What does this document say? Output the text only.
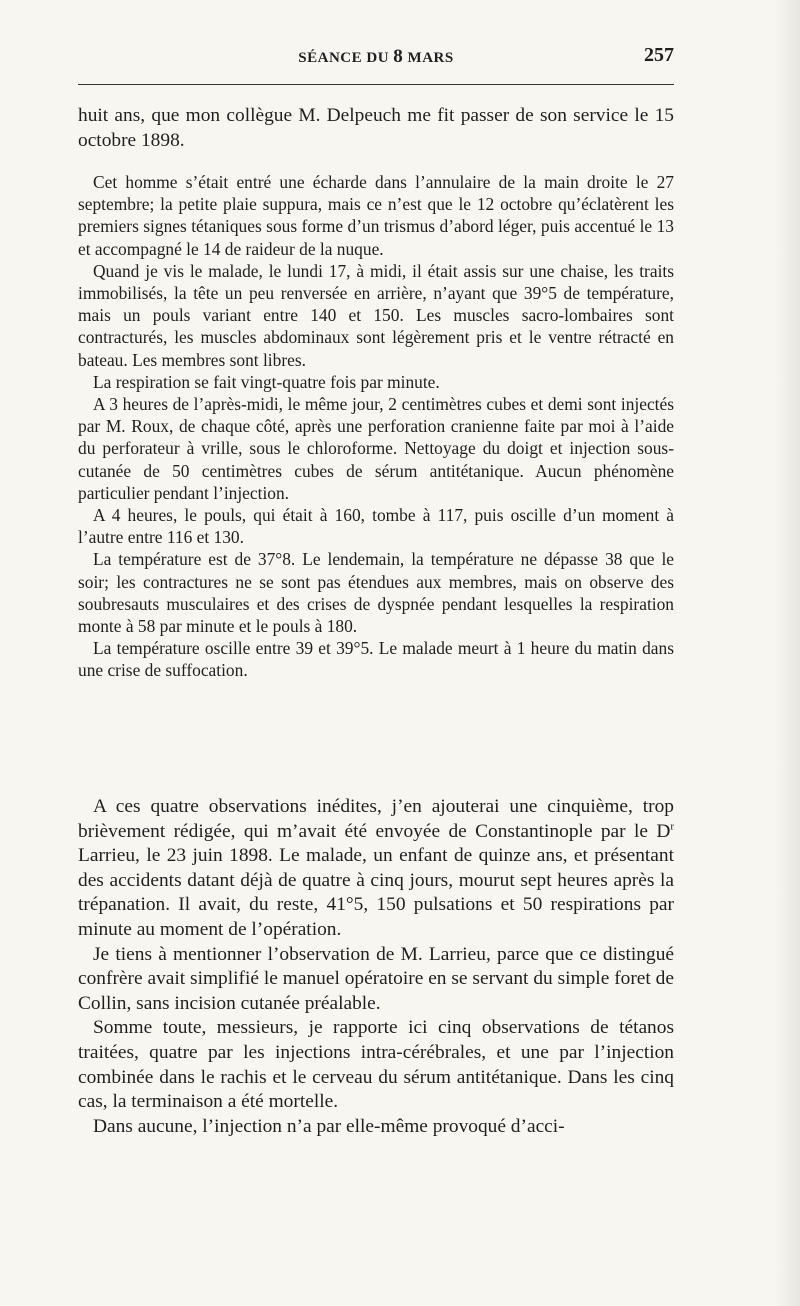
SÉANCE DU 8 MARS	257

huit ans, que mon collègue M. Delpeuch me fit passer de son service le 15 octobre 1898.

Cet homme s’était entré une écharde dans l’annulaire de la main droite le 27 septembre; la petite plaie suppura, mais ce n’est que le 12 octobre qu’éclatèrent les premiers signes tétaniques sous forme d’un trismus d’abord léger, puis accentué le 13 et accompagné le 14 de raideur de la nuque.

Quand je vis le malade, le lundi 17, à midi, il était assis sur une chaise, les traits immobilisés, la tête un peu renversée en arrière, n’ayant que 39°5 de température, mais un pouls variant entre 140 et 150. Les muscles sacro-lombaires sont contracturés, les muscles abdominaux sont légèrement pris et le ventre rétracté en bateau. Les membres sont libres.

La respiration se fait vingt-quatre fois par minute.

A 3 heures de l’après-midi, le même jour, 2 centimètres cubes et demi sont injectés par M. Roux, de chaque côté, après une perforation cranienne faite par moi à l’aide du perforateur à vrille, sous le chloroforme. Nettoyage du doigt et injection sous-cutanée de 50 centimètres cubes de sérum antitétanique. Aucun phénomène particulier pendant l’injection.

A 4 heures, le pouls, qui était à 160, tombe à 117, puis oscille d’un moment à l’autre entre 116 et 130.

La température est de 37°8. Le lendemain, la température ne dépasse 38 que le soir; les contractures ne se sont pas étendues aux membres, mais on observe des soubresauts musculaires et des crises de dyspnée pendant lesquelles la respiration monte à 58 par minute et le pouls à 180.

La température oscille entre 39 et 39°5. Le malade meurt à 1 heure du matin dans une crise de suffocation.

A ces quatre observations inédites, j’en ajouterai une cinquième, trop brièvement rédigée, qui m’avait été envoyée de Constantinople par le $D^r$ Larrieu, le 23 juin 1898. Le malade, un enfant de quinze ans, et présentant des accidents datant déjà de quatre à cinq jours, mourut sept heures après la trépanation. Il avait, du reste, 41°5, 150 pulsations et 50 respirations par minute au moment de l’opération.

Je tiens à mentionner l’observation de M. Larrieu, parce que ce distingué confrère avait simplifié le manuel opératoire en se servant du simple foret de Collin, sans incision cutanée préalable.

Somme toute, messieurs, je rapporte ici cinq observations de tétanos traitées, quatre par les injections intra-cérébrales, et une par l’injection combinée dans le rachis et le cerveau du sérum antitétanique. Dans les cinq cas, la terminaison a été mortelle.

Dans aucune, l’injection n’a par elle-même provoqué d’acci-
